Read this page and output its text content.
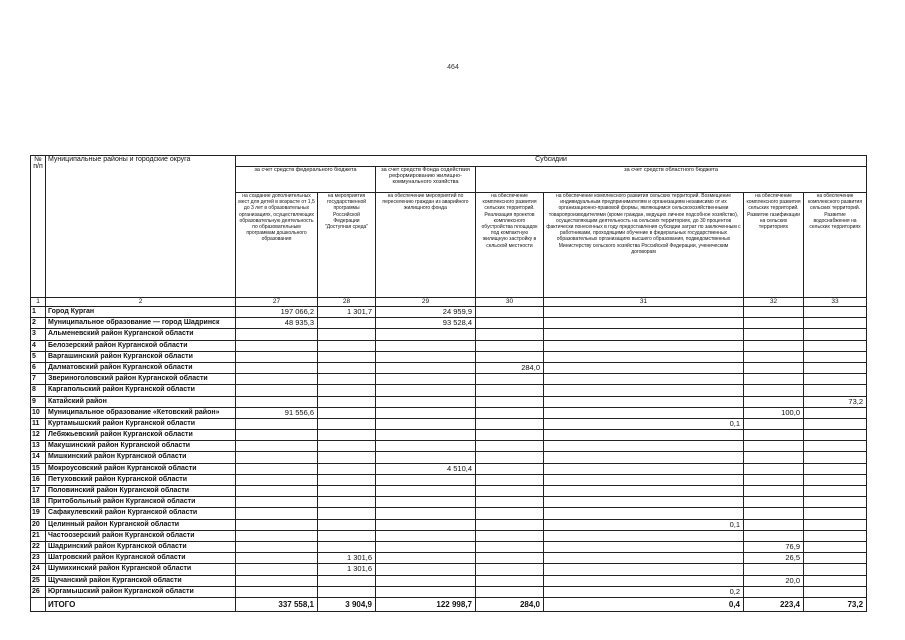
464
№ п/п	Муниципальные районы и городские округа	Субсидии						
		за счет средств федерального бюджета		за счет средств Фонда содействия реформированию жилищно-коммунального хозяйства	за счет средств областного бюджета			
		на создание дополнительных мест для детей в возрасте от 1,5 до 3 лет в образовательных организациях, осуществляющих образовательную деятельность по образовательным программам дошкольного образования	на мероприятия государственной программы Российской Федерации "Доступная среда"	на обеспечение мероприятий по переселению граждан из аварийного жилищного фонда	на обеспечение комплексного развития сельских территорий. Реализация проектов комплексного обустройства площадок под компактную жилищную застройку в сельской местности	на обеспечение комплексного развития сельских территорий. Возмещение индивидуальным предпринимателям и организациям независимо от их организационно-правовой формы, являющимся сельскохозяйственными товаропроизводителями (кроме граждан, ведущих личное подсобное хозяйство), осуществляющим деятельность на сельских территориях, до 30 процентов фактически понесенных в году предоставления субсидии затрат по заключенным с работниками, проходящими обучение в федеральных государственных образовательных организациях высшего образования, подведомственных Министерству сельского хозяйства Российской Федерации, ученическим договорам	на обеспечение комплексного развития сельских территорий. Развитие газификации на сельских территориях	на обеспечение комплексного развития сельских территорий. Развитие водоснабжения на сельских территориях
1	2	27	28	29	30	31	32	33
1	Город Курган	197 066,2	1 301,7	24 959,9				
2	Муниципальное образование — город Шадринск	48 935,3		93 528,4				
3	Альменевский район Курганской области							
4	Белозерский район Курганской области							
5	Варгашинский район Курганской области							
6	Далматовский район Курганской области				284,0			
7	Звериноголовский район Курганской области							
8	Каргапольский район Курганской области							
9	Катайский район							73,2
10	Муниципальное образование «Кетовский район»	91 556,6					100,0	
11	Куртамышский район Курганской области					0,1		
12	Лебяжьевский район Курганской области							
13	Макушинский район Курганской области							
14	Мишкинский район Курганской области							
15	Мокроусовский район Курганской области			4 510,4				
16	Петуховский район Курганской области							
17	Половинский район Курганской области							
18	Притобольный район Курганской области							
19	Сафакулевский район Курганской области							
20	Целинный район Курганской области					0,1		
21	Частоозерский район Курганской области							
22	Шадринский район Курганской области						76,9	
23	Шатровский район Курганской области		1 301,6				26,5	
24	Шумихинский район Курганской области		1 301,6					
25	Щучанский район Курганской области						20,0	
26	Юргамышский район Курганской области					0,2		
	ИТОГО	337 558,1	3 904,9	122 998,7	284,0	0,4	223,4	73,2
